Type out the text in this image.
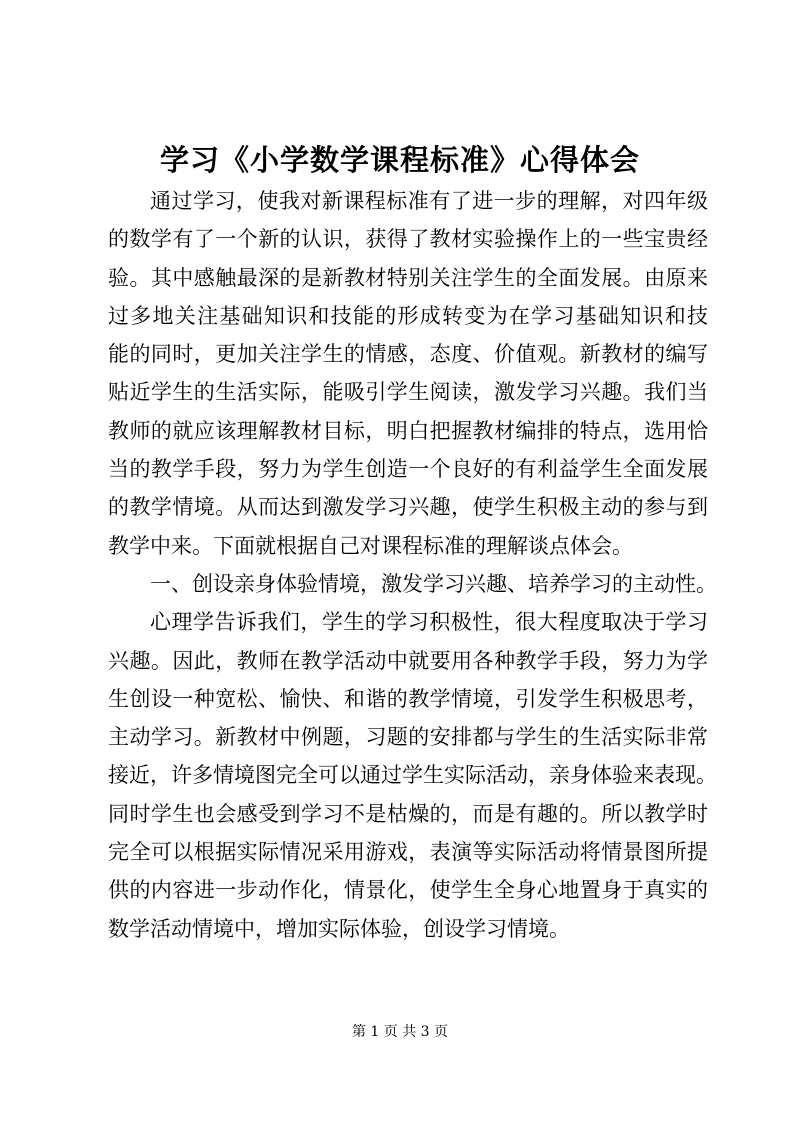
学习《小学数学课程标准》心得体会
通过学习，使我对新课程标准有了进一步的理解，对四年级
的数学有了一个新的认识，获得了教材实验操作上的一些宝贵经
验。其中感触最深的是新教材特别关注学生的全面发展。由原来
过多地关注基础知识和技能的形成转变为在学习基础知识和技
能的同时，更加关注学生的情感，态度、价值观。新教材的编写
贴近学生的生活实际，能吸引学生阅读，激发学习兴趣。我们当
教师的就应该理解教材目标，明白把握教材编排的特点，选用恰
当的教学手段，努力为学生创造一个良好的有利益学生全面发展
的教学情境。从而达到激发学习兴趣，使学生积极主动的参与到
教学中来。下面就根据自己对课程标准的理解谈点体会。
一、创设亲身体验情境，激发学习兴趣、培养学习的主动性。
心理学告诉我们，学生的学习积极性，很大程度取决于学习
兴趣。因此，教师在教学活动中就要用各种教学手段，努力为学
生创设一种宽松、愉快、和谐的教学情境，引发学生积极思考，
主动学习。新教材中例题，习题的安排都与学生的生活实际非常
接近，许多情境图完全可以通过学生实际活动，亲身体验来表现。
同时学生也会感受到学习不是枯燥的，而是有趣的。所以教学时
完全可以根据实际情况采用游戏，表演等实际活动将情景图所提
供的内容进一步动作化，情景化，使学生全身心地置身于真实的
数学活动情境中，增加实际体验，创设学习情境。
第 1 页 共 3 页
